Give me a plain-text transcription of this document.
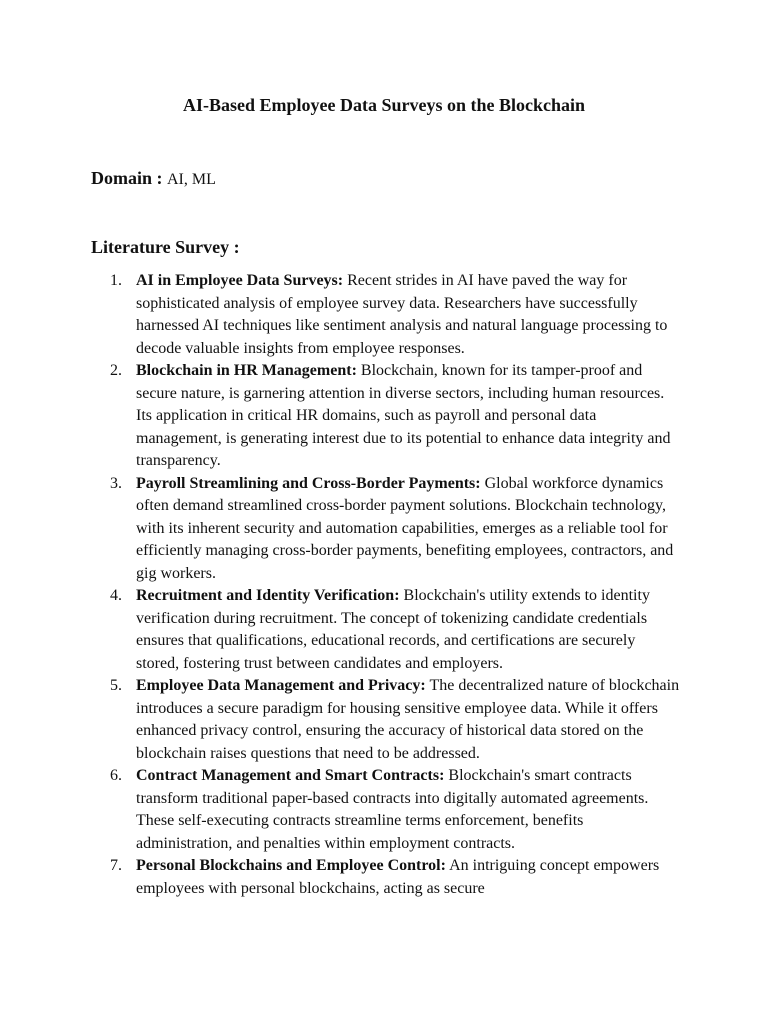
AI-Based Employee Data Surveys on the Blockchain
Domain : AI, ML
Literature Survey :
1. AI in Employee Data Surveys: Recent strides in AI have paved the way for sophisticated analysis of employee survey data. Researchers have successfully harnessed AI techniques like sentiment analysis and natural language processing to decode valuable insights from employee responses.
2. Blockchain in HR Management: Blockchain, known for its tamper-proof and secure nature, is garnering attention in diverse sectors, including human resources. Its application in critical HR domains, such as payroll and personal data management, is generating interest due to its potential to enhance data integrity and transparency.
3. Payroll Streamlining and Cross-Border Payments: Global workforce dynamics often demand streamlined cross-border payment solutions. Blockchain technology, with its inherent security and automation capabilities, emerges as a reliable tool for efficiently managing cross-border payments, benefiting employees, contractors, and gig workers.
4. Recruitment and Identity Verification: Blockchain's utility extends to identity verification during recruitment. The concept of tokenizing candidate credentials ensures that qualifications, educational records, and certifications are securely stored, fostering trust between candidates and employers.
5. Employee Data Management and Privacy: The decentralized nature of blockchain introduces a secure paradigm for housing sensitive employee data. While it offers enhanced privacy control, ensuring the accuracy of historical data stored on the blockchain raises questions that need to be addressed.
6. Contract Management and Smart Contracts: Blockchain's smart contracts transform traditional paper-based contracts into digitally automated agreements. These self-executing contracts streamline terms enforcement, benefits administration, and penalties within employment contracts.
7. Personal Blockchains and Employee Control: An intriguing concept empowers employees with personal blockchains, acting as secure
